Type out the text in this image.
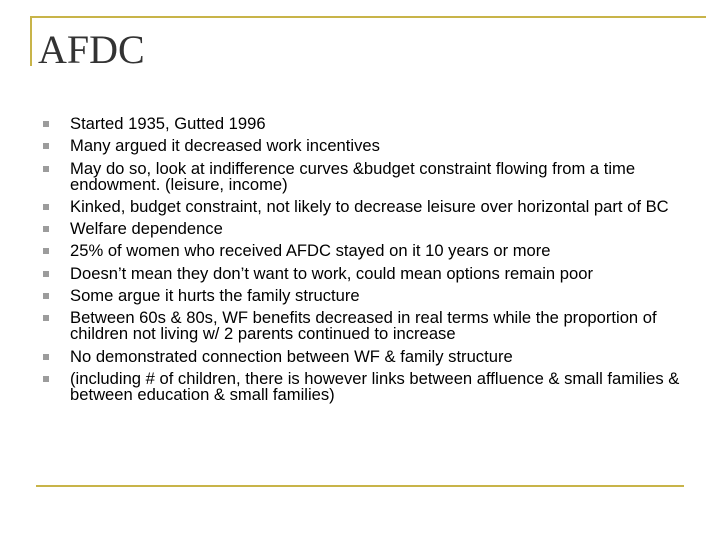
AFDC
Started 1935, Gutted 1996
Many argued it decreased work incentives
May do so, look at indifference curves &budget constraint flowing from a time endowment. (leisure, income)
Kinked, budget constraint, not likely to decrease leisure over horizontal part of BC
Welfare dependence
25% of women who received AFDC stayed on it 10 years or more
Doesn’t mean they don’t want to work, could mean options remain poor
Some argue it hurts the family structure
Between 60s & 80s, WF benefits decreased in real terms while the proportion of children not living w/ 2 parents continued to increase
No demonstrated connection between WF & family structure
(including # of children, there is however links between affluence & small families & between education & small families)
